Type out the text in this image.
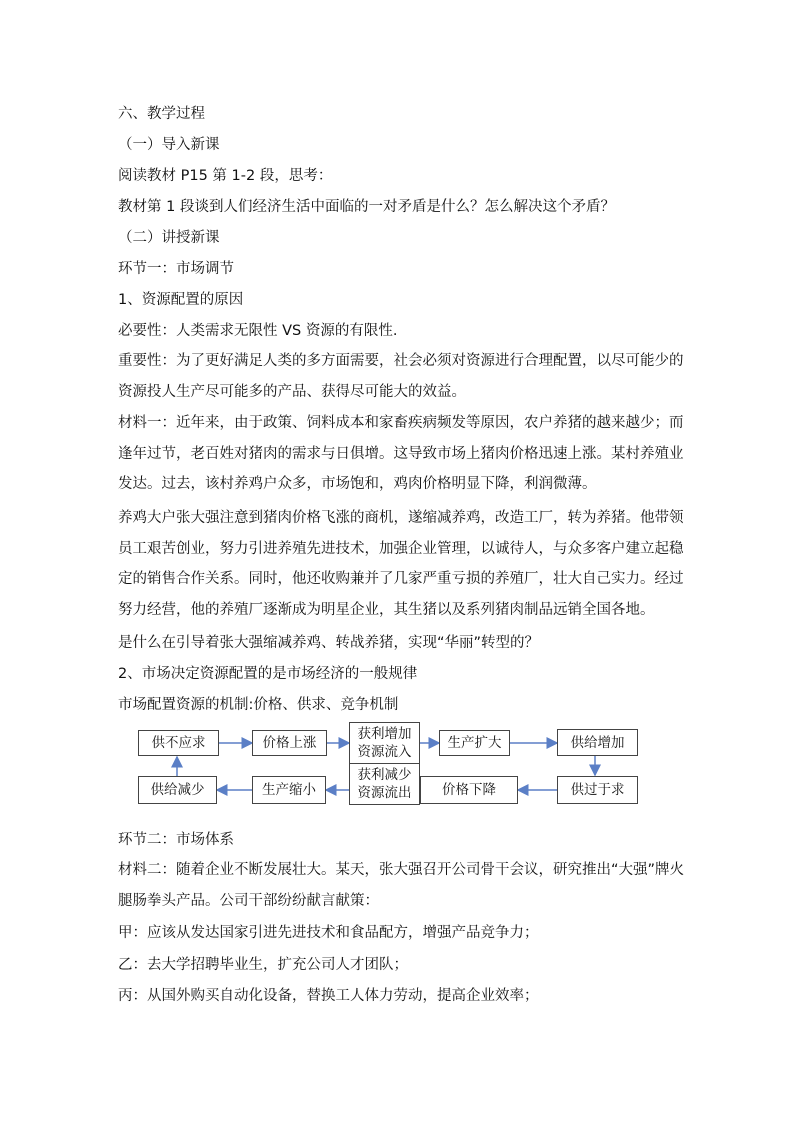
六、教学过程
（一）导入新课
阅读教材 P15 第 1-2 段，思考：
教材第 1 段谈到人们经济生活中面临的一对矛盾是什么？怎么解决这个矛盾？
（二）讲授新课
环节一：市场调节
1、资源配置的原因
必要性：人类需求无限性 VS 资源的有限性.
重要性：为了更好满足人类的多方面需要，社会必须对资源进行合理配置，以尽可能少的资源投人生产尽可能多的产品、获得尽可能大的效益。
材料一：近年来，由于政策、饲料成本和家畜疾病频发等原因，农户养猪的越来越少；而逢年过节，老百姓对猪肉的需求与日俱增。这导致市场上猪肉价格迅速上涨。某村养殖业发达。过去，该村养鸡户众多，市场饱和，鸡肉价格明显下降，利润微薄。
养鸡大户张大强注意到猪肉价格飞涨的商机，遂缩减养鸡，改造工厂，转为养猪。他带领员工艰苦创业，努力引进养殖先进技术，加强企业管理，以诚待人，与众多客户建立起稳定的销售合作关系。同时，他还收购兼并了几家严重亏损的养殖厂，壮大自己实力。经过努力经营，他的养殖厂逐渐成为明星企业，其生猪以及系列猪肉制品远销全国各地。
是什么在引导着张大强缩减养鸡、转战养猪，实现“华丽”转型的？
2、市场决定资源配置的是市场经济的一般规律
市场配置资源的机制:价格、供求、竞争机制
供不应求	价格上涨
获利增加
资源流入
生产扩大	供给增加
供过于求
价格下降
获利减少
资源流出
生产缩小
供给减少
环节二：市场体系
材料二：随着企业不断发展壮大。某天，张大强召开公司骨干会议，研究推出“大强”牌火腿肠拳头产品。公司干部纷纷献言献策：
甲：应该从发达国家引进先进技术和食品配方，增强产品竞争力；
乙：去大学招聘毕业生，扩充公司人才团队；
丙：从国外购买自动化设备，替换工人体力劳动，提高企业效率；
